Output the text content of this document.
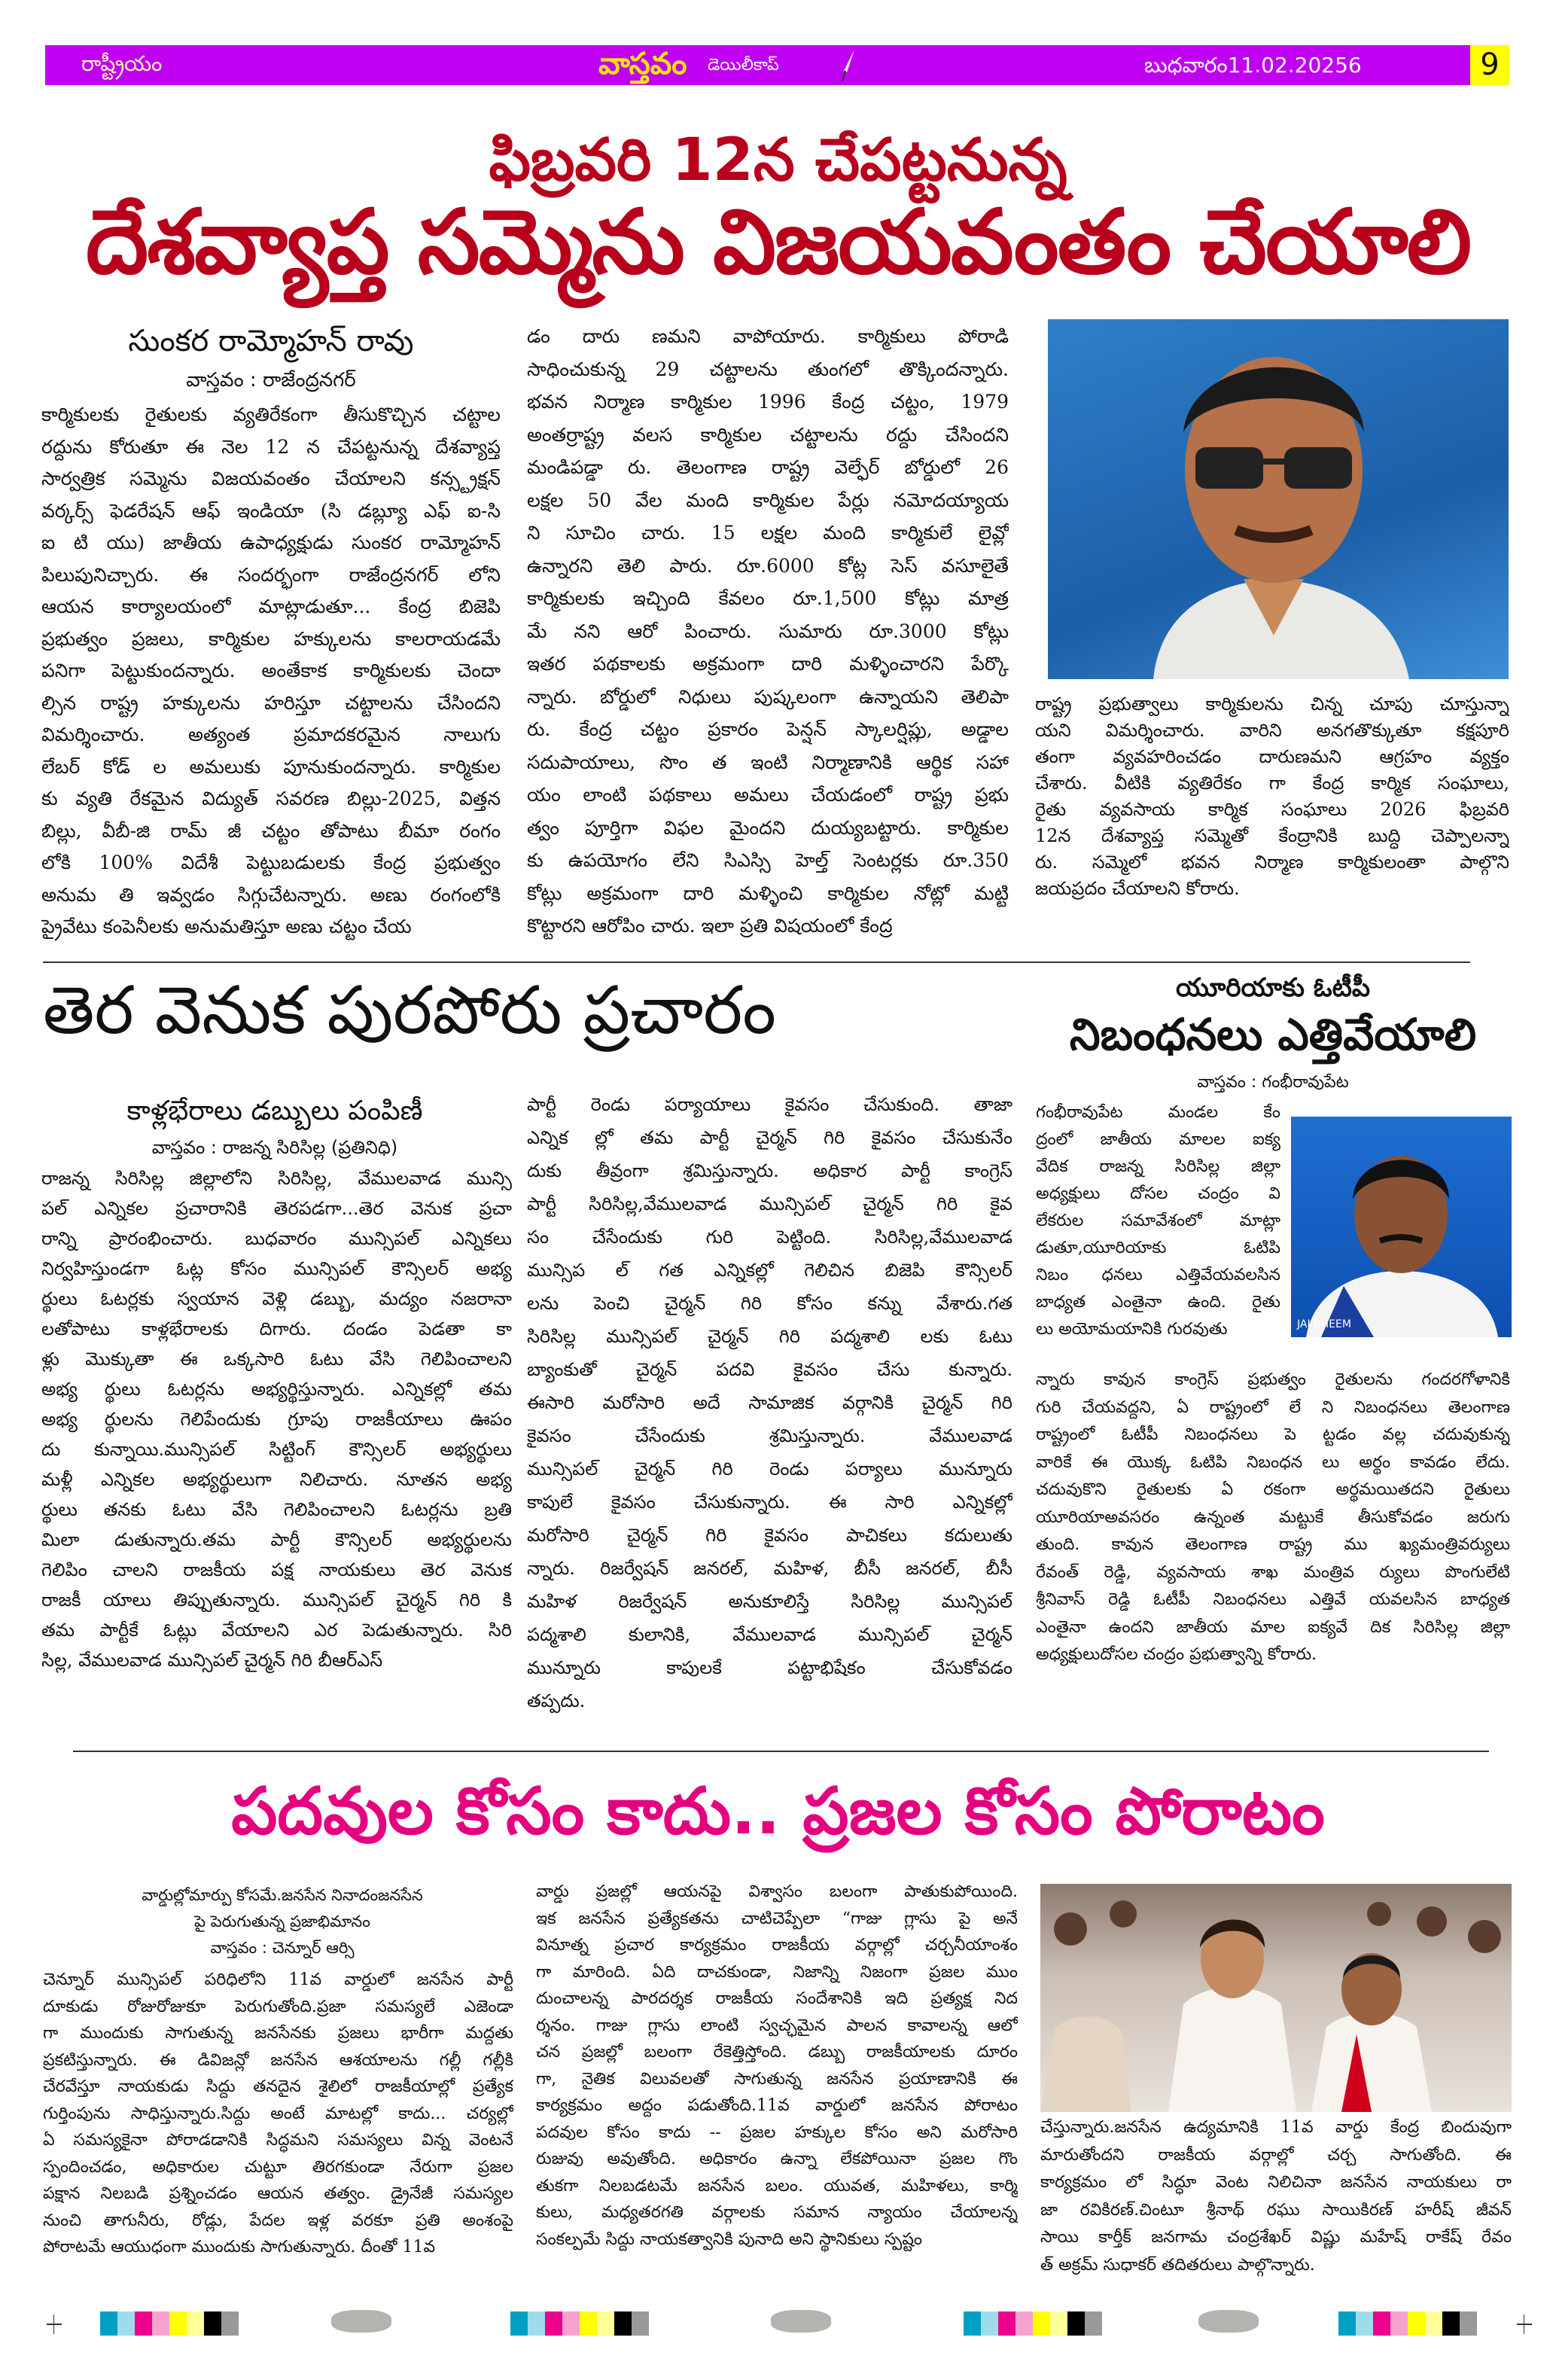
రాష్ట్రీయం	వాస్తవం డెయిలీకాప్	బుధవారం11.02.20256	9
ఫిబ్రవరి 12న చేపట్టనున్న
దేశవ్యాప్త సమ్మెను విజయవంతం చేయాలి
సుంకర రామ్మోహన్ రావు
వాస్తవం : రాజేంద్రనగర్
కార్మికులకు రైతులకు వ్యతిరేకంగా తీసుకొచ్చిన చట్టాల
రద్దును కోరుతూ ఈ నెల 12 న చేపట్టనున్న దేశవ్యాప్త
సార్వత్రిక సమ్మెను విజయవంతం చేయాలని కన్స్ట్రక్షన్
వర్కర్స్ ఫెడరేషన్ ఆఫ్ ఇండియా (సి డబ్ల్యూ ఎఫ్ ఐ-సి
ఐ టి యు) జాతీయ ఉపాధ్యక్షుడు సుంకర రామ్మోహన్
పిలుపునిచ్చారు. ఈ సందర్భంగా రాజేంద్రనగర్ లోని
ఆయన కార్యాలయంలో మాట్లాడుతూ... కేంద్ర బిజెపి
ప్రభుత్వం ప్రజలు, కార్మికుల హక్కులను కాలరాయడమే
పనిగా పెట్టుకుందన్నారు. అంతేకాక కార్మికులకు చెందా
ల్సిన రాష్ట్ర హక్కులను హరిస్తూ చట్టాలను చేసిందని
విమర్శించారు. అత్యంత ప్రమాదకరమైన నాలుగు
లేబర్ కోడ్ ల అమలుకు పూనుకుందన్నారు. కార్మికుల
కు వ్యతి రేకమైన విద్యుత్ సవరణ బిల్లు-2025, విత్తన
బిల్లు, వీబీ-జి రామ్ జీ చట్టం తోపాటు బీమా రంగం
లోకి 100% విదేశీ పెట్టుబడులకు కేంద్ర ప్రభుత్వం
అనుమ తి ఇవ్వడం సిగ్గుచేటన్నారు. అణు రంగంలోకి
ప్రైవేటు కంపెనీలకు అనుమతిస్తూ అణు చట్టం చేయ
డం దారు ణమని వాపోయారు. కార్మికులు పోరాడి
సాధించుకున్న 29 చట్టాలను తుంగలో తొక్కిందన్నారు.
భవన నిర్మాణ కార్మికుల 1996 కేంద్ర చట్టం, 1979
అంతర్రాష్ట్ర వలస కార్మికుల చట్టాలను రద్దు చేసిందని
మండిపడ్డా రు. తెలంగాణ రాష్ట్ర వెల్ఫేర్ బోర్డులో 26
లక్షల 50 వేల మంది కార్మికుల పేర్లు నమోదయ్యాయ
ని సూచిం చారు. 15 లక్షల మంది కార్మికులే లైవ్లో
ఉన్నారని తెలి పారు. రూ.6000 కోట్ల సెస్ వసూలైతే
కార్మికులకు ఇచ్చింది కేవలం రూ.1,500 కోట్లు మాత్ర
మే నని ఆరో పించారు. సుమారు రూ.3000 కోట్లు
ఇతర పథకాలకు అక్రమంగా దారి మళ్ళించారని పేర్కొ
న్నారు. బోర్డులో నిధులు పుష్కలంగా ఉన్నాయని తెలిపా
రు. కేంద్ర చట్టం ప్రకారం పెన్షన్ స్కాలర్షిప్లు, అడ్డాల
సదుపాయాలు, సొం త ఇంటి నిర్మాణానికి ఆర్థిక సహా
యం లాంటి పథకాలు అమలు చేయడంలో రాష్ట్ర ప్రభు
త్వం పూర్తిగా విఫల మైందని దుయ్యబట్టారు. కార్మికుల
కు ఉపయోగం లేని సిఎస్సి హెల్త్ సెంటర్లకు రూ.350
కోట్లు అక్రమంగా దారి మళ్ళించి కార్మికుల నోట్లో మట్టి
కొట్టారని ఆరోపిం చారు. ఇలా ప్రతి విషయంలో కేంద్ర
రాష్ట్ర ప్రభుత్వాలు కార్మికులను చిన్న చూపు చూస్తున్నా
యని విమర్శించారు. వారిని అనగతొక్కుతూ కక్షపూరి
తంగా వ్యవహరించడం దారుణమని ఆగ్రహం వ్యక్తం
చేశారు. వీటికి వ్యతిరేకం గా కేంద్ర కార్మిక సంఘాలు,
రైతు వ్యవసాయ కార్మిక సంఘాలు 2026 ఫిబ్రవరి
12న దేశవ్యాప్త సమ్మెతో కేంద్రానికి బుద్ధి చెప్పాలన్నా
రు. సమ్మెలో భవన నిర్మాణ కార్మికులంతా పాల్గొని
జయప్రదం చేయాలని కోరారు.
తెర వెనుక పురపోరు ప్రచారం
కాళ్లభేరాలు డబ్బులు పంపిణీ
వాస్తవం : రాజన్న సిరిసిల్ల (ప్రతినిధి)
రాజన్న సిరిసిల్ల జిల్లాలోని సిరిసిల్ల, వేములవాడ మున్సి
పల్ ఎన్నికల ప్రచారానికి తెరపడగా...తెర వెనుక ప్రచా
రాన్ని ప్రారంభించారు. బుధవారం మున్సిపల్ ఎన్నికలు
నిర్వహిస్తుండగా ఓట్ల కోసం మున్సిపల్ కౌన్సిలర్ అభ్య
ర్థులు ఓటర్లకు స్వయాన వెళ్లి డబ్బు, మద్యం నజరానా
లతోపాటు కాళ్లభేరాలకు దిగారు. దండం పెడతా కా
ళ్లు మొక్కుతా ఈ ఒక్కసారి ఓటు వేసి గెలిపించాలని
అభ్య ర్థులు ఓటర్లను అభ్యర్థిస్తున్నారు. ఎన్నికల్లో తమ
అభ్య ర్థులను గెలిపేందుకు గ్రూపు రాజకీయాలు ఊపం
దు కున్నాయి.మున్సిపల్ సిట్టింగ్ కౌన్సిలర్ అభ్యర్థులు
మళ్లీ ఎన్నికల అభ్యర్థులుగా నిలిచారు. నూతన అభ్య
ర్థులు తనకు ఓటు వేసి గెలిపించాలని ఓటర్లను బ్రతి
మిలా డుతున్నారు.తమ పార్టీ కౌన్సిలర్ అభ్యర్థులను
గెలిపిం చాలని రాజకీయ పక్ష నాయకులు తెర వెనుక
రాజకీ యాలు తిప్పుతున్నారు. మున్సిపల్ చైర్మన్ గిరి కి
తమ పార్టీకే ఓట్లు వేయాలని ఎర పెడుతున్నారు. సిరి
సిల్ల, వేములవాడ మున్సిపల్ చైర్మన్ గిరి బీఆర్ఎస్
పార్టీ రెండు పర్యాయాలు కైవసం చేసుకుంది. తాజా
ఎన్నిక ల్లో తమ పార్టీ చైర్మన్ గిరి కైవసం చేసుకునేం
దుకు తీవ్రంగా శ్రమిస్తున్నారు. అధికార పార్టీ కాంగ్రెస్
పార్టీ సిరిసిల్ల,వేములవాడ మున్సిపల్ చైర్మన్ గిరి కైవ
సం చేసేందుకు గురి పెట్టింది. సిరిసిల్ల,వేములవాడ
మున్సిప ల్ గత ఎన్నికల్లో గెలిచిన బిజెపి కౌన్సిలర్
లను పెంచి చైర్మన్ గిరి కోసం కన్ను వేశారు.గత
సిరిసిల్ల మున్సిపల్ చైర్మన్ గిరి పద్మశాలి లకు ఓటు
బ్యాంకుతో చైర్మన్ పదవి కైవసం చేసు కున్నారు.
ఈసారి మరోసారి అదే సామాజిక వర్గానికి చైర్మన్ గిరి
కైవసం చేసేందుకు శ్రమిస్తున్నారు. వేములవాడ
మున్సిపల్ చైర్మన్ గిరి రెండు పర్యాలు మున్నూరు
కాపులే కైవసం చేసుకున్నారు. ఈ సారి ఎన్నికల్లో
మరోసారి చైర్మన్ గిరి కైవసం పాచికలు కదులుతు
న్నారు. రిజర్వేషన్ జనరల్, మహిళ, బీసీ జనరల్, బీసీ
మహిళ రిజర్వేషన్ అనుకూలిస్తే సిరిసిల్ల మున్సిపల్
పద్మశాలి కులానికి, వేములవాడ మున్సిపల్ చైర్మన్
మున్నూరు కాపులకే పట్టాభిషేకం చేసుకోవడం
తప్పదు.
యూరియాకు ఓటీపీ
నిబంధనలు ఎత్తివేయాలి
వాస్తవం : గంభీరావుపేట
గంభీరావుపేట మండల కేం
ద్రంలో జాతీయ మాలల ఐక్య
వేదిక రాజన్న సిరిసిల్ల జిల్లా
అధ్యక్షులు దోసల చంద్రం వి
లేకరుల సమావేశంలో మాట్లా
డుతూ,యూరియాకు ఓటిపి
నిబం ధనలు ఎత్తివేయవలసిన
బాధ్యత ఎంతైనా ఉంది. రైతు
లు అయోమయానికి గురవుతు	JAI BHEEM
న్నారు కావున కాంగ్రెస్ ప్రభుత్వం రైతులను గందరగోళానికి
గురి చేయవద్దని, ఏ రాష్ట్రంలో లే ని నిబంధనలు తెలంగాణ
రాష్ట్రంలో ఓటీపీ నిబంధనలు పె ట్టడం వల్ల చదువుకున్న
వారికే ఈ యొక్క ఓటిపి నిబంధన లు అర్థం కావడం లేదు.
చదువుకొని రైతులకు ఏ రకంగా అర్థమయితదని రైతులు
యూరియాఅవసరం ఉన్నంత మట్టుకే తీసుకోవడం జరుగు
తుంది. కావున తెలంగాణ రాష్ట్ర ము ఖ్యమంత్రివర్యులు
రేవంత్ రెడ్డి, వ్యవసాయ శాఖ మంత్రివ ర్యులు పొంగులేటి
శ్రీనివాస్ రెడ్డి ఓటీపీ నిబంధనలు ఎత్తివే యవలసిన బాధ్యత
ఎంతైనా ఉందని జాతీయ మాల ఐక్యవే దిక సిరిసిల్ల జిల్లా
అధ్యక్షులుదోసల చంద్రం ప్రభుత్వాన్ని కోరారు.
పదవుల కోసం కాదు.. ప్రజల కోసం పోరాటం
వార్డుల్లోమార్పు కోసమే.జనసేన నినాదంజనసేన
పై పెరుగుతున్న ప్రజాభిమానం
వాస్తవం : చెన్నూర్ ఆర్సి
చెన్నూర్ మున్సిపల్ పరిధిలోని 11వ వార్డులో జనసేన పార్టీ
దూకుడు రోజురోజుకూ పెరుగుతోంది.ప్రజా సమస్యలే ఎజెండా
గా ముందుకు సాగుతున్న జనసేనకు ప్రజలు భారీగా మద్దతు
ప్రకటిస్తున్నారు. ఈ డివిజన్లో జనసేన ఆశయాలను గల్లీ గల్లీకి
చేరవేస్తూ నాయకుడు సిద్దు తనదైన శైలిలో రాజకీయాల్లో ప్రత్యేక
గుర్తింపును సాధిస్తున్నారు.సిద్దు అంటే మాటల్లో కాదు... చర్యల్లో
ఏ సమస్యకైనా పోరాడడానికి సిద్ధమని సమస్యలు విన్న వెంటనే
స్పందించడం, అధికారుల చుట్టూ తిరగకుండా నేరుగా ప్రజల
పక్షాన నిలబడి ప్రశ్నించడం ఆయన తత్వం. డ్రైనేజీ సమస్యల
నుంచి తాగునీరు, రోడ్లు, పేదల ఇళ్ల వరకూ ప్రతి అంశంపై
పోరాటమే ఆయుధంగా ముందుకు సాగుతున్నారు. దీంతో 11వ
వార్డు ప్రజల్లో ఆయనపై విశ్వాసం బలంగా పాతుకుపోయింది.
ఇక జనసేన ప్రత్యేకతను చాటిచెప్పేలా “గాజు గ్లాసు పై అనే
వినూత్న ప్రచార కార్యక్రమం రాజకీయ వర్గాల్లో చర్చనీయాంశం
గా మారింది. ఏది దాచకుండా, నిజాన్ని నిజంగా ప్రజల ముం
దుంచాలన్న పారదర్శక రాజకీయ సందేశానికి ఇది ప్రత్యక్ష నిద
ర్శనం. గాజు గ్లాసు లాంటి స్వచ్ఛమైన పాలన కావాలన్న ఆలో
చన ప్రజల్లో బలంగా రేకెత్తిస్తోంది. డబ్బు రాజకీయాలకు దూరం
గా, నైతిక విలువలతో సాగుతున్న జనసేన ప్రయాణానికి ఈ
కార్యక్రమం అద్దం పడుతోంది.11వ వార్డులో జనసేన పోరాటం
పదవుల కోసం కాదు -- ప్రజల హక్కుల కోసం అని మరోసారి
రుజువు అవుతోంది. అధికారం ఉన్నా లేకపోయినా ప్రజల గొం
తుకగా నిలబడటమే జనసేన బలం. యువత, మహిళలు, కార్మి
కులు, మధ్యతరగతి వర్గాలకు సమాన న్యాయం చేయాలన్న
సంకల్పమే సిద్దు నాయకత్వానికి పునాది అని స్థానికులు స్పష్టం
చేస్తున్నారు.జనసేన ఉద్యమానికి 11వ వార్డు కేంద్ర బిందువుగా
మారుతోందని రాజకీయ వర్గాల్లో చర్చ సాగుతోంది. ఈ
కార్యక్రమం లో సిద్ధూ వెంట నిలిచినా జనసేన నాయకులు రా
జా రవికిరణ్.చింటూ శ్రీనాథ్ రఘు సాయికిరణ్ హరీష్ జీవన్
సాయి కార్తీక్ జనగామ చంద్రశేఖర్ విష్ణు మహేష్ రాకేష్ రేవం
త్ అక్రమ్ సుధాకర్ తదితరులు పాల్గొన్నారు.
